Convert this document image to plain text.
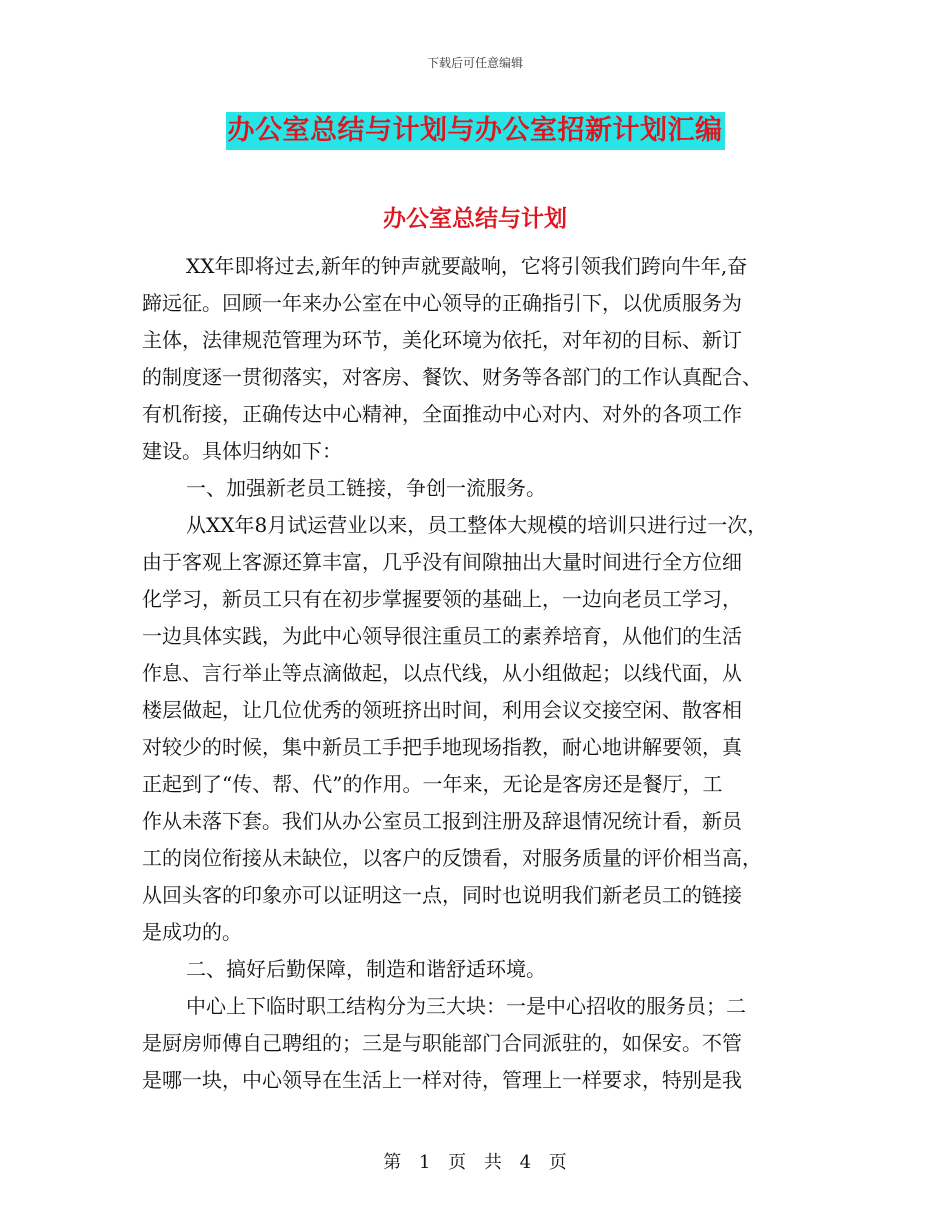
下载后可任意编辑
办公室总结与计划与办公室招新计划汇编
办公室总结与计划
XX年即将过去,新年的钟声就要敲响，它将引领我们跨向牛年,奋
蹄远征。回顾一年来办公室在中心领导的正确指引下，以优质服务为
主体，法律规范管理为环节，美化环境为依托，对年初的目标、新订
的制度逐一贯彻落实，对客房、餐饮、财务等各部门的工作认真配合、
有机衔接，正确传达中心精神，全面推动中心对内、对外的各项工作
建设。具体归纳如下：
一、加强新老员工链接，争创一流服务。
从XX年8月试运营业以来，员工整体大规模的培训只进行过一次，
由于客观上客源还算丰富，几乎没有间隙抽出大量时间进行全方位细
化学习，新员工只有在初步掌握要领的基础上，一边向老员工学习，
一边具体实践，为此中心领导很注重员工的素养培育，从他们的生活
作息、言行举止等点滴做起，以点代线，从小组做起；以线代面，从
楼层做起，让几位优秀的领班挤出时间，利用会议交接空闲、散客相
对较少的时候，集中新员工手把手地现场指教，耐心地讲解要领，真
正起到了“传、帮、代”的作用。一年来，无论是客房还是餐厅，工
作从未落下套。我们从办公室员工报到注册及辞退情况统计看，新员
工的岗位衔接从未缺位，以客户的反馈看，对服务质量的评价相当高，
从回头客的印象亦可以证明这一点，同时也说明我们新老员工的链接
是成功的。
二、搞好后勤保障，制造和谐舒适环境。
中心上下临时职工结构分为三大块：一是中心招收的服务员；二
是厨房师傅自己聘组的；三是与职能部门合同派驻的，如保安。不管
是哪一块，中心领导在生活上一样对待，管理上一样要求，特别是我
第 1 页 共 4 页
